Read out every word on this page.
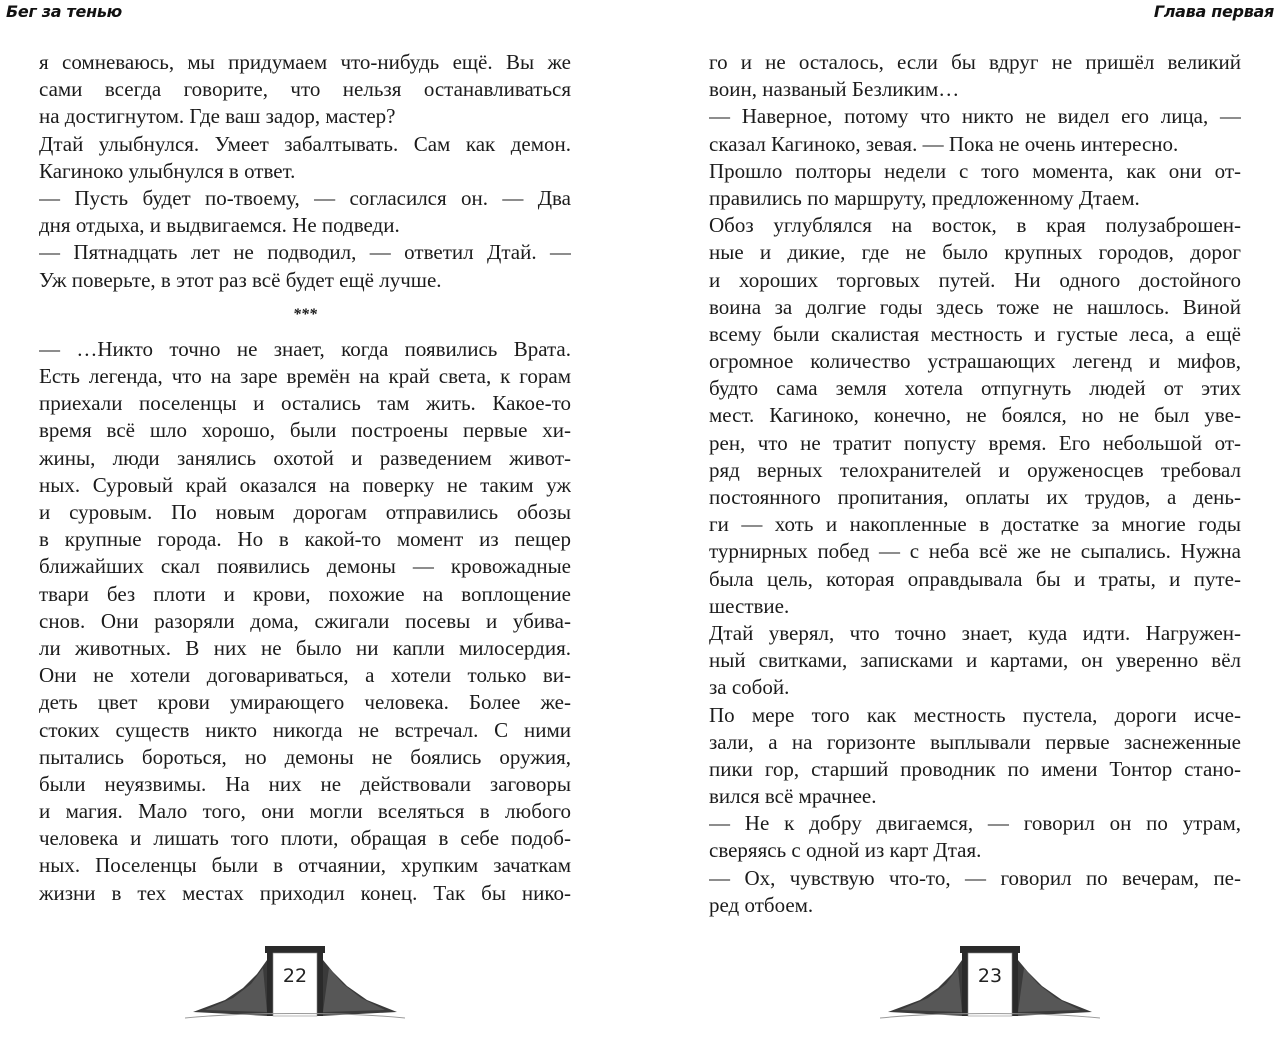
Бег за тенью	Глава первая

я сомневаюсь, мы придумаем что-нибудь ещё. Вы же

сами всегда говорите, что нельзя останавливаться

на достигнутом. Где ваш задор, мастер?

Дтай улыбнулся. Умеет забалтывать. Сам как демон.

Кагиноко улыбнулся в ответ.

— Пусть будет по-твоему, — согласился он. — Два

дня отдыха, и выдвигаемся. Не подведи.

— Пятнадцать лет не подводил, — ответил Дтай. —

Уж поверьте, в этот раз всё будет ещё лучше.

***

— …Никто точно не знает, когда появились Врата.

Есть легенда, что на заре времён на край света, к горам

приехали поселенцы и остались там жить. Какое-то

время всё шло хорошо, были построены первые хи-

жины, люди занялись охотой и разведением живот-

ных. Суровый край оказался на поверку не таким уж

и суровым. По новым дорогам отправились обозы

в крупные города. Но в какой-то момент из пещер

ближайших скал появились демоны — кровожадные

твари без плоти и крови, похожие на воплощение

снов. Они разоряли дома, сжигали посевы и убива-

ли животных. В них не было ни капли милосердия.

Они не хотели договариваться, а хотели только ви-

деть цвет крови умирающего человека. Более же-

стоких существ никто никогда не встречал. С ними

пытались бороться, но демоны не боялись оружия,

были неуязвимы. На них не действовали заговоры

и магия. Мало того, они могли вселяться в любого

человека и лишать того плоти, обращая в себе подоб-

ных. Поселенцы были в отчаянии, хрупким зачаткам

жизни в тех местах приходил конец. Так бы нико-

го и не осталось, если бы вдруг не пришёл великий

воин, названый Безликим…

— Наверное, потому что никто не видел его лица, —

сказал Кагиноко, зевая. — Пока не очень интересно.

Прошло полторы недели с того момента, как они от-

правились по маршруту, предложенному Дтаем.

Обоз углублялся на восток, в края полузаброшен-

ные и дикие, где не было крупных городов, дорог

и хороших торговых путей. Ни одного достойного

воина за долгие годы здесь тоже не нашлось. Виной

всему были скалистая местность и густые леса, а ещё

огромное количество устрашающих легенд и мифов,

будто сама земля хотела отпугнуть людей от этих

мест. Кагиноко, конечно, не боялся, но не был уве-

рен, что не тратит попусту время. Его небольшой от-

ряд верных телохранителей и оруженосцев требовал

постоянного пропитания, оплаты их трудов, а день-

ги — хоть и накопленные в достатке за многие годы

турнирных побед — с неба всё же не сыпались. Нужна

была цель, которая оправдывала бы и траты, и путе-

шествие.

Дтай уверял, что точно знает, куда идти. Нагружен-

ный свитками, записками и картами, он уверенно вёл

за собой.

По мере того как местность пустела, дороги исче-

зали, а на горизонте выплывали первые заснеженные

пики гор, старший проводник по имени Тонтор стано-

вился всё мрачнее.

— Не к добру двигаемся, — говорил он по утрам,

сверяясь с одной из карт Дтая.

— Ох, чувствую что-то, — говорил по вечерам, пе-

ред отбоем.

22	23
